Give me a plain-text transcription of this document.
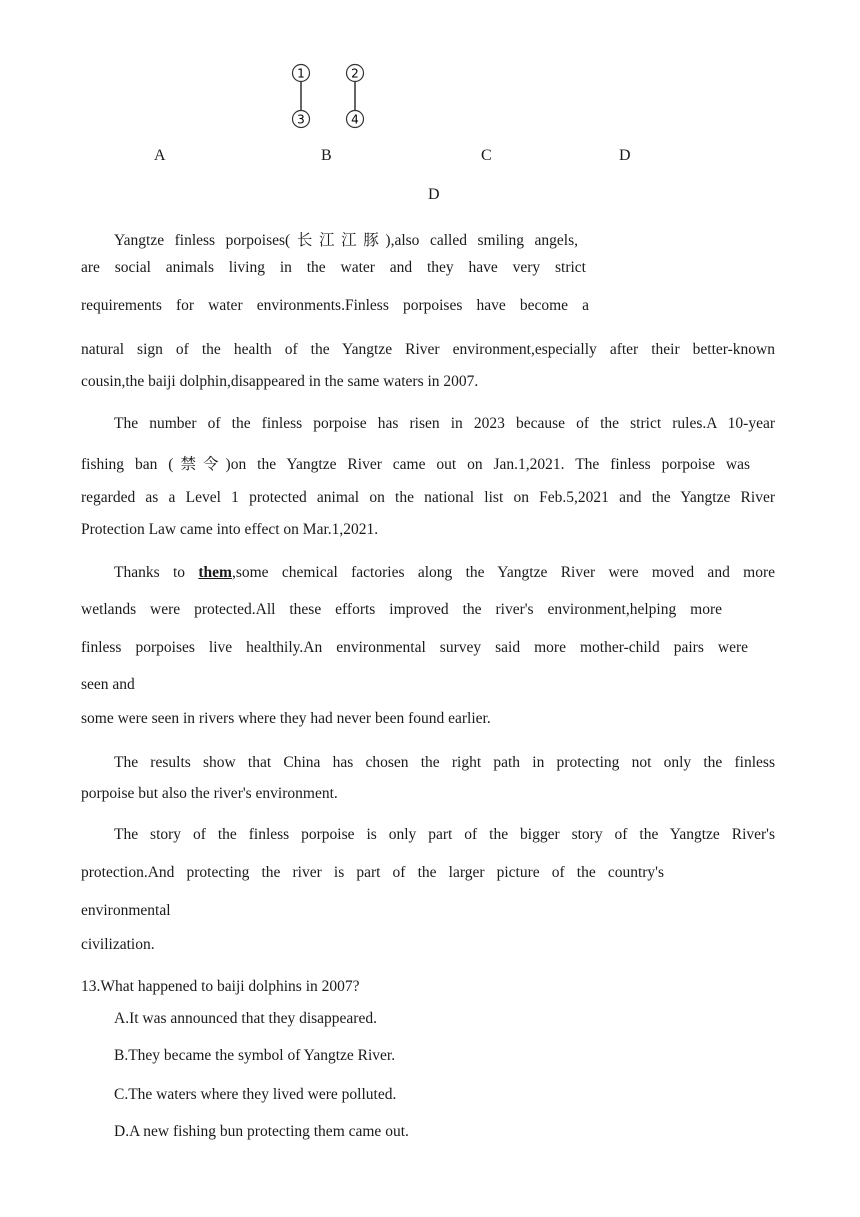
1	2
3	4
A	B	C	D
D
Yangtze finless porpoises(长江江豚),also called smiling angels,
are social animals living in the water and they have very strict
requirements for water environments.Finless porpoises have become a
natural sign of the health of the Yangtze River environment,especially after their better-known
cousin,the baiji dolphin,disappeared in the same waters in 2007.
The number of the finless porpoise has risen in 2023 because of the strict rules.A 10-year
fishing ban (禁令)on the Yangtze River came out on Jan.1,2021. The finless porpoise was
regarded as a Level 1 protected animal on the national list on Feb.5,2021 and the Yangtze River
Protection Law came into effect on Mar.1,2021.
Thanks to them,some chemical factories along the Yangtze River were moved and more
wetlands were protected.All these efforts improved the river's environment,helping more
finless porpoises live healthily.An environmental survey said more mother-child pairs were
seen and
some were seen in rivers where they had never been found earlier.
The results show that China has chosen the right path in protecting not only the finless
porpoise but also the river's environment.
The story of the finless porpoise is only part of the bigger story of the Yangtze River's
protection.And protecting the river is part of the larger picture of the country's
environmental
civilization.
13.What happened to baiji dolphins in 2007?
A.It was announced that they disappeared.
B.They became the symbol of Yangtze River.
C.The waters where they lived were polluted.
D.A new fishing bun protecting them came out.
